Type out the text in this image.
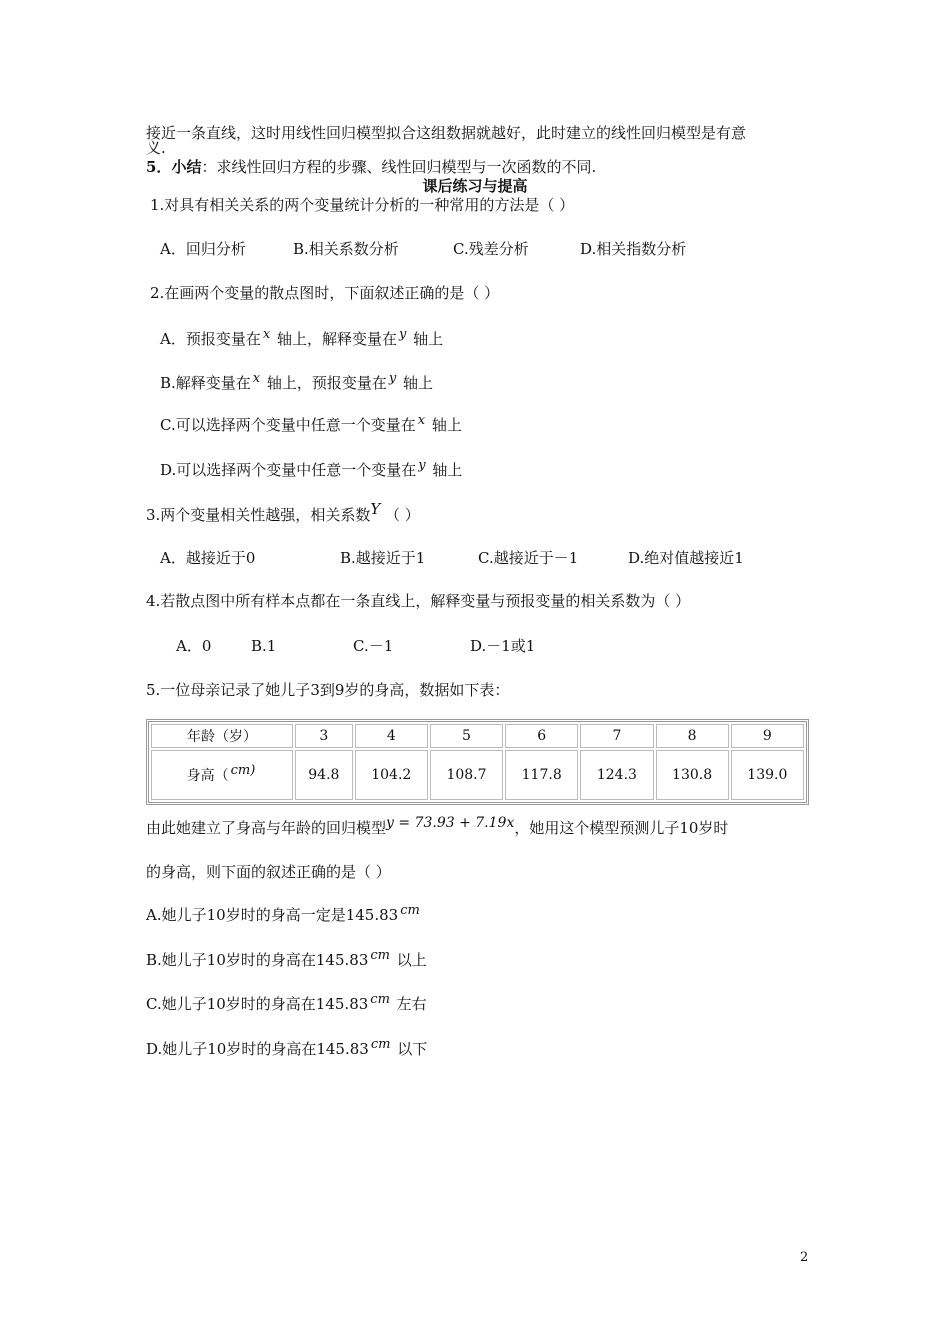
接近一条直线，这时用线性回归模型拟合这组数据就越好，此时建立的线性回归模型是有意
义.
5．小结：求线性回归方程的步骤、线性回归模型与一次函数的不同.
课后练习与提高
1.对具有相关关系的两个变量统计分析的一种常用的方法是（ ）
A．回归分析	B.相关系数分析	C.残差分析	D.相关指数分析
2.在画两个变量的散点图时，下面叙述正确的是（ ）
A．预报变量在 x 轴上，解释变量在 y 轴上
B.解释变量在 x 轴上，预报变量在 y 轴上
C.可以选择两个变量中任意一个变量在 x 轴上
D.可以选择两个变量中任意一个变量在 y 轴上
3.两个变量相关性越强，相关系数Y （ ）
A．越接近于0	B.越接近于1	C.越接近于－1	D.绝对值越接近1
4.若散点图中所有样本点都在一条直线上，解释变量与预报变量的相关系数为（ ）
A．0	B.1	C.－1	D.－1或1
5.一位母亲记录了她儿子3到9岁的身高，数据如下表：
年龄（岁）	3	4	5	6	7	8	9
身高（ cm)	94.8	104.2	108.7	117.8	124.3	130.8	139.0
由此她建立了身高与年龄的回归模型y = 73.93 + 7.19x，她用这个模型预测儿子10岁时
的身高，则下面的叙述正确的是（ ）
A.她儿子10岁时的身高一定是145.83 cm
B.她儿子10岁时的身高在145.83 cm 以上
C.她儿子10岁时的身高在145.83 cm 左右
D.她儿子10岁时的身高在145.83 cm 以下
2
